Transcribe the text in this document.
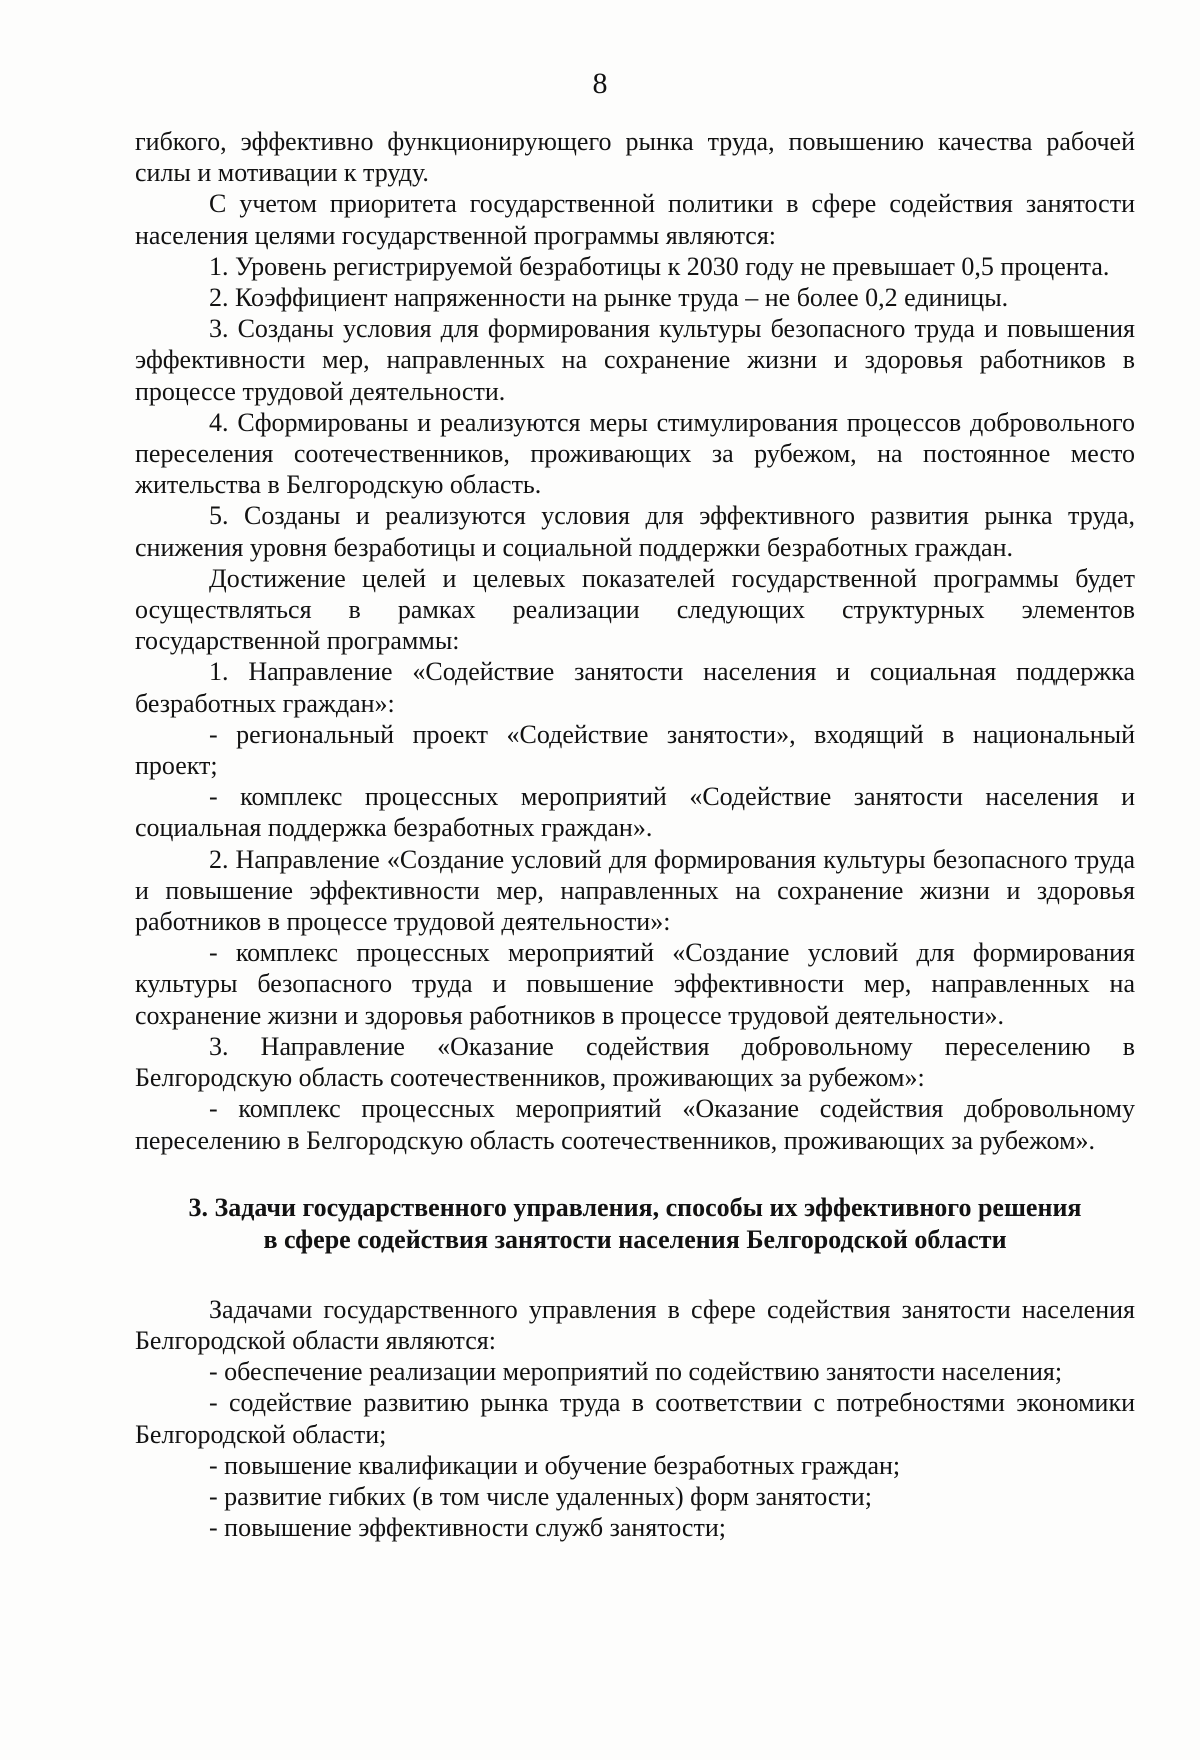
8

гибкого, эффективно функционирующего рынка труда, повышению качества рабочей силы и мотивации к труду.

С учетом приоритета государственной политики в сфере содействия занятости населения целями государственной программы являются:

1. Уровень регистрируемой безработицы к 2030 году не превышает 0,5 процента.

2. Коэффициент напряженности на рынке труда – не более 0,2 единицы.

3. Созданы условия для формирования культуры безопасного труда и повышения эффективности мер, направленных на сохранение жизни и здоровья работников в процессе трудовой деятельности.

4. Сформированы и реализуются меры стимулирования процессов добровольного переселения соотечественников, проживающих за рубежом, на постоянное место жительства в Белгородскую область.

5. Созданы и реализуются условия для эффективного развития рынка труда, снижения уровня безработицы и социальной поддержки безработных граждан.

Достижение целей и целевых показателей государственной программы будет осуществляться в рамках реализации следующих структурных элементов государственной программы:

1. Направление «Содействие занятости населения и социальная поддержка безработных граждан»:

- региональный проект «Содействие занятости», входящий в национальный проект;

- комплекс процессных мероприятий «Содействие занятости населения и социальная поддержка безработных граждан».

2. Направление «Создание условий для формирования культуры безопасного труда и повышение эффективности мер, направленных на сохранение жизни и здоровья работников в процессе трудовой деятельности»:

- комплекс процессных мероприятий «Создание условий для формирования культуры безопасного труда и повышение эффективности мер, направленных на сохранение жизни и здоровья работников в процессе трудовой деятельности».

3. Направление «Оказание содействия добровольному переселению в Белгородскую область соотечественников, проживающих за рубежом»:

- комплекс процессных мероприятий «Оказание содействия добровольному переселению в Белгородскую область соотечественников, проживающих за рубежом».

3. Задачи государственного управления, способы их эффективного решения
в сфере содействия занятости населения Белгородской области

Задачами государственного управления в сфере содействия занятости населения Белгородской области являются:

- обеспечение реализации мероприятий по содействию занятости населения;

- содействие развитию рынка труда в соответствии с потребностями экономики Белгородской области;

- повышение квалификации и обучение безработных граждан;

- развитие гибких (в том числе удаленных) форм занятости;

- повышение эффективности служб занятости;
